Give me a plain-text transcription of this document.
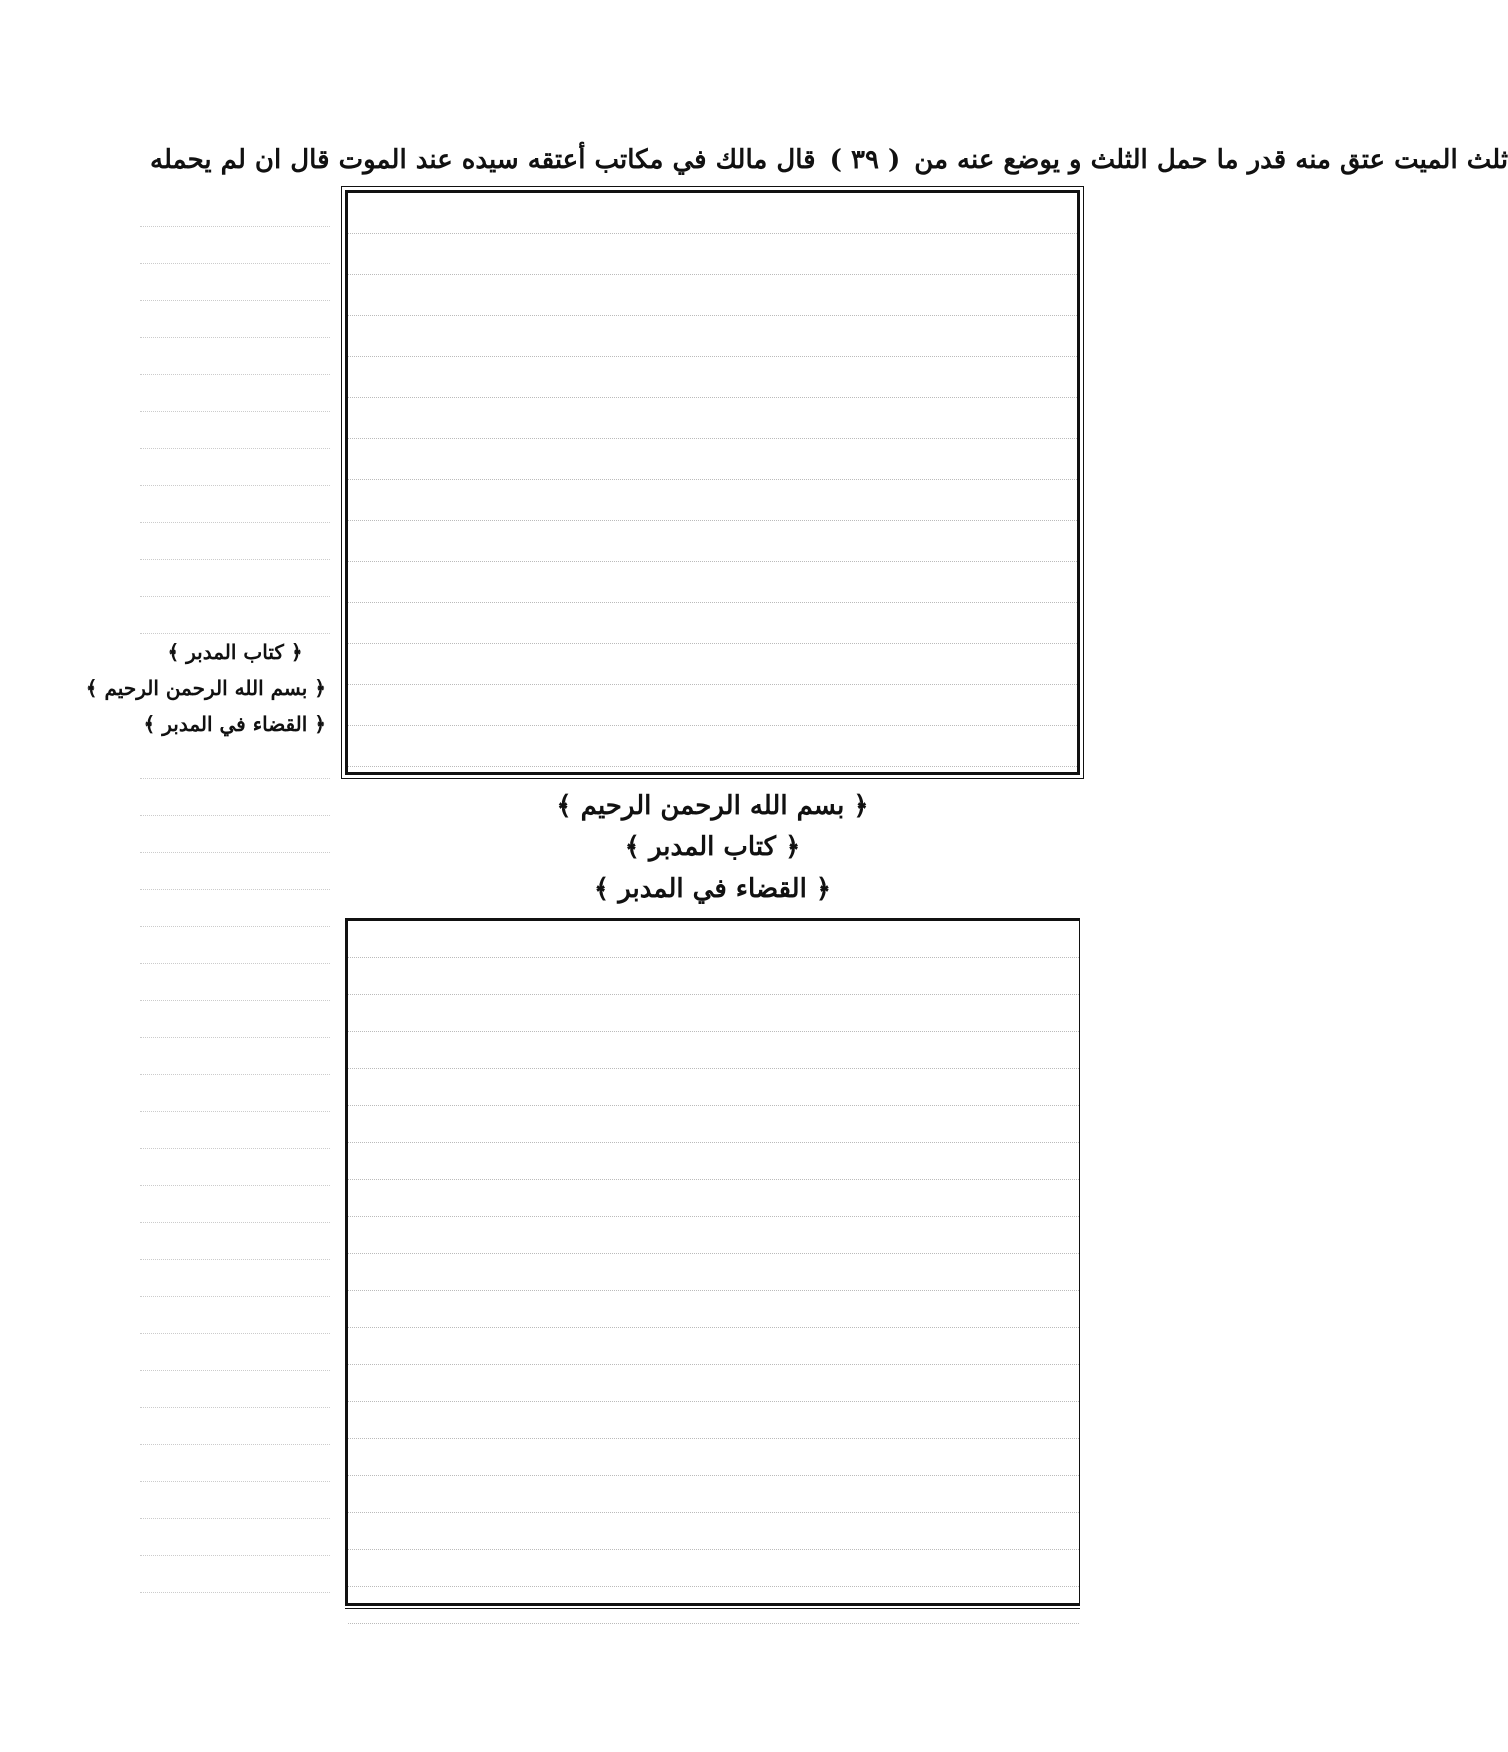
قال مالك في مكاتب أعتقه سيده عند الموت قال ان لم يحمله ( ٣٩ ) ثلث الميت عتق منه قدر ما حمل الثلث و يوضع عنه من
﴿ بسم الله الرحمن الرحيم ﴾
﴿ كتاب المدبر ﴾
﴿ القضاء في المدبر ﴾
﴿ كتاب المدبر ﴾
﴿ بسم الله الرحمن الرحيم ﴾
﴿ القضاء في المدبر ﴾
